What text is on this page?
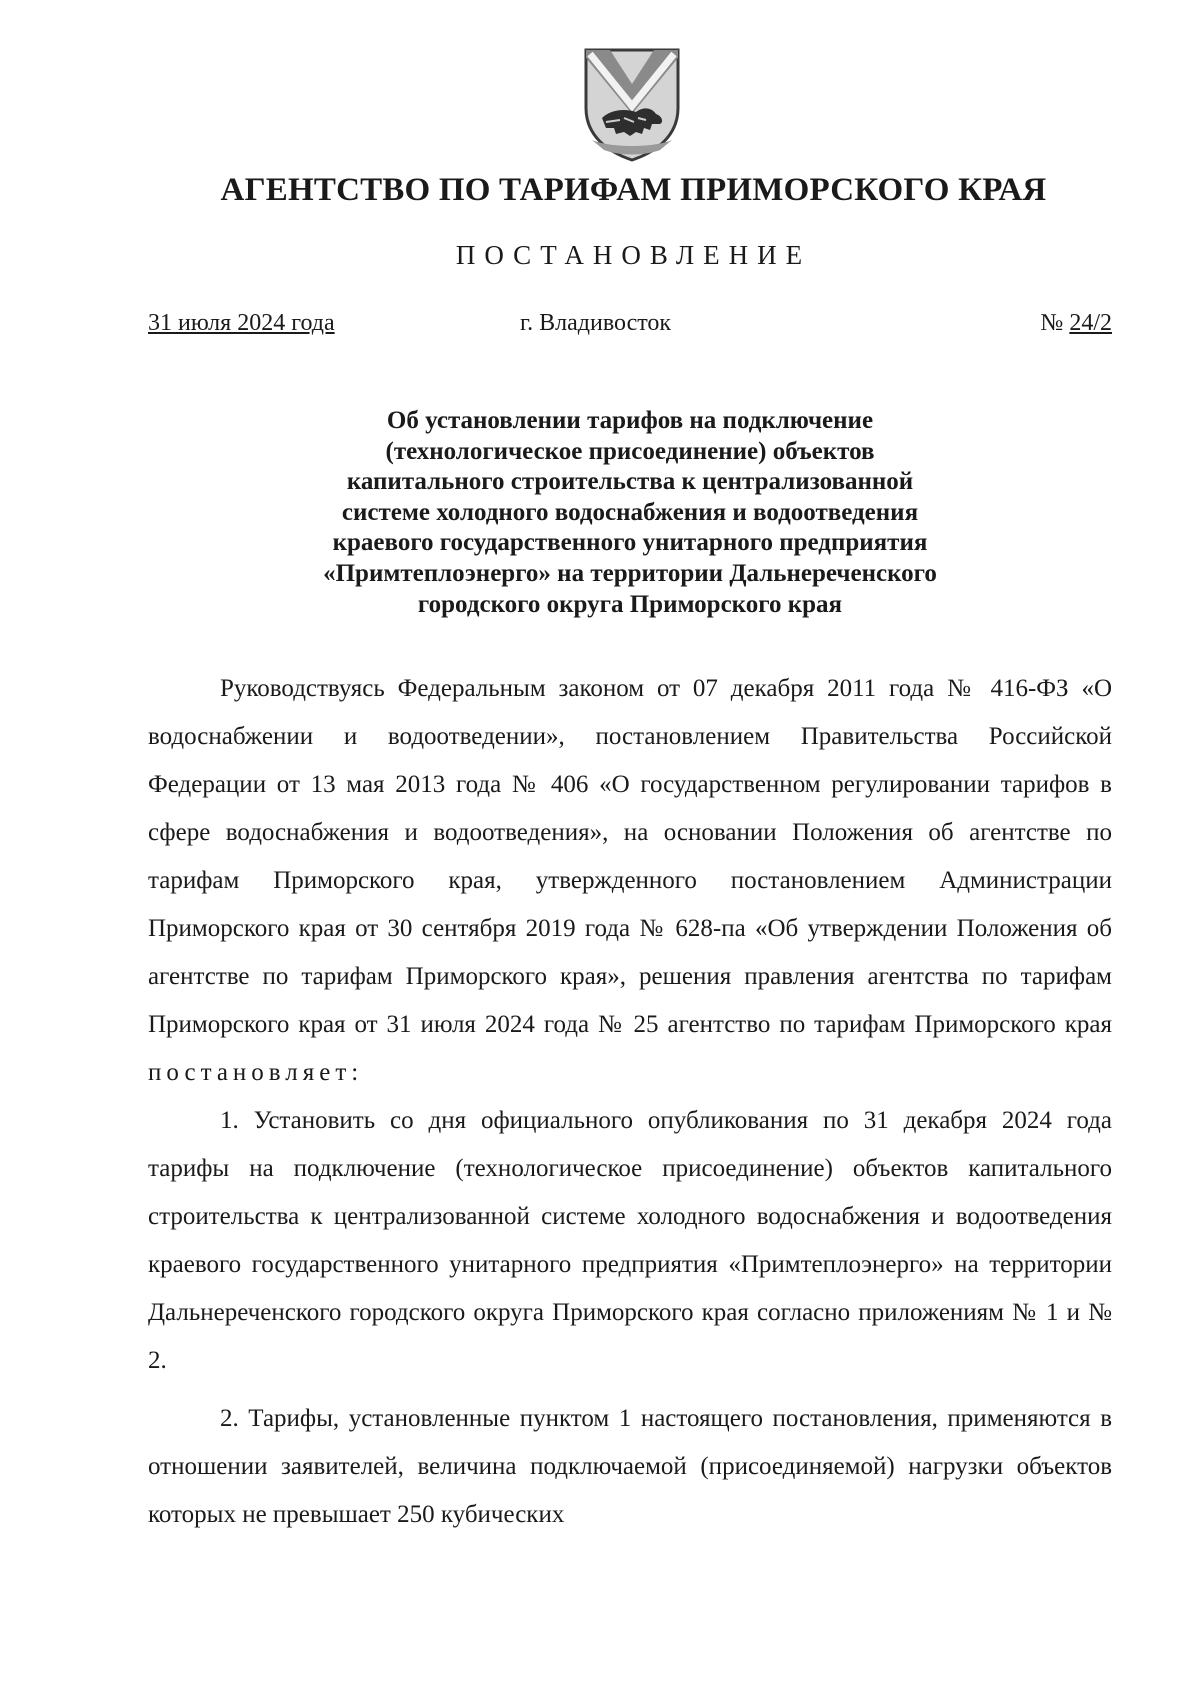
АГЕНТСТВО ПО ТАРИФАМ ПРИМОРСКОГО КРАЯ
ПОСТАНОВЛЕНИЕ
31 июля 2024 года	г. Владивосток	№ 24/2
Об установлении тарифов на подключение
(технологическое присоединение) объектов
капитального строительства к централизованной
системе холодного водоснабжения и водоотведения
краевого государственного унитарного предприятия
«Примтеплоэнерго» на территории Дальнереченского
городского округа Приморского края

Руководствуясь Федеральным законом от 07 декабря 2011 года № 416-ФЗ «О водоснабжении и водоотведении», постановлением Правительства Российской Федерации от 13 мая 2013 года № 406 «О государственном регулировании тарифов в сфере водоснабжения и водоотведения», на основании Положения об агентстве по тарифам Приморского края, утвержденного постановлением Администрации Приморского края от 30 сентября 2019 года № 628-па «Об утверждении Положения об агентстве по тарифам Приморского края», решения правления агентства по тарифам Приморского края от 31 июля 2024 года № 25 агентство по тарифам Приморского края постановляет:

1. Установить со дня официального опубликования по 31 декабря 2024 года тарифы на подключение (технологическое присоединение) объектов капитального строительства к централизованной системе холодного водоснабжения и водоотведения краевого государственного унитарного предприятия «Примтеплоэнерго» на территории Дальнереченского городского округа Приморского края согласно приложениям № 1 и № 2.

2. Тарифы, установленные пунктом 1 настоящего постановления, применяются в отношении заявителей, величина подключаемой (присоединяемой) нагрузки объектов которых не превышает 250 кубических
